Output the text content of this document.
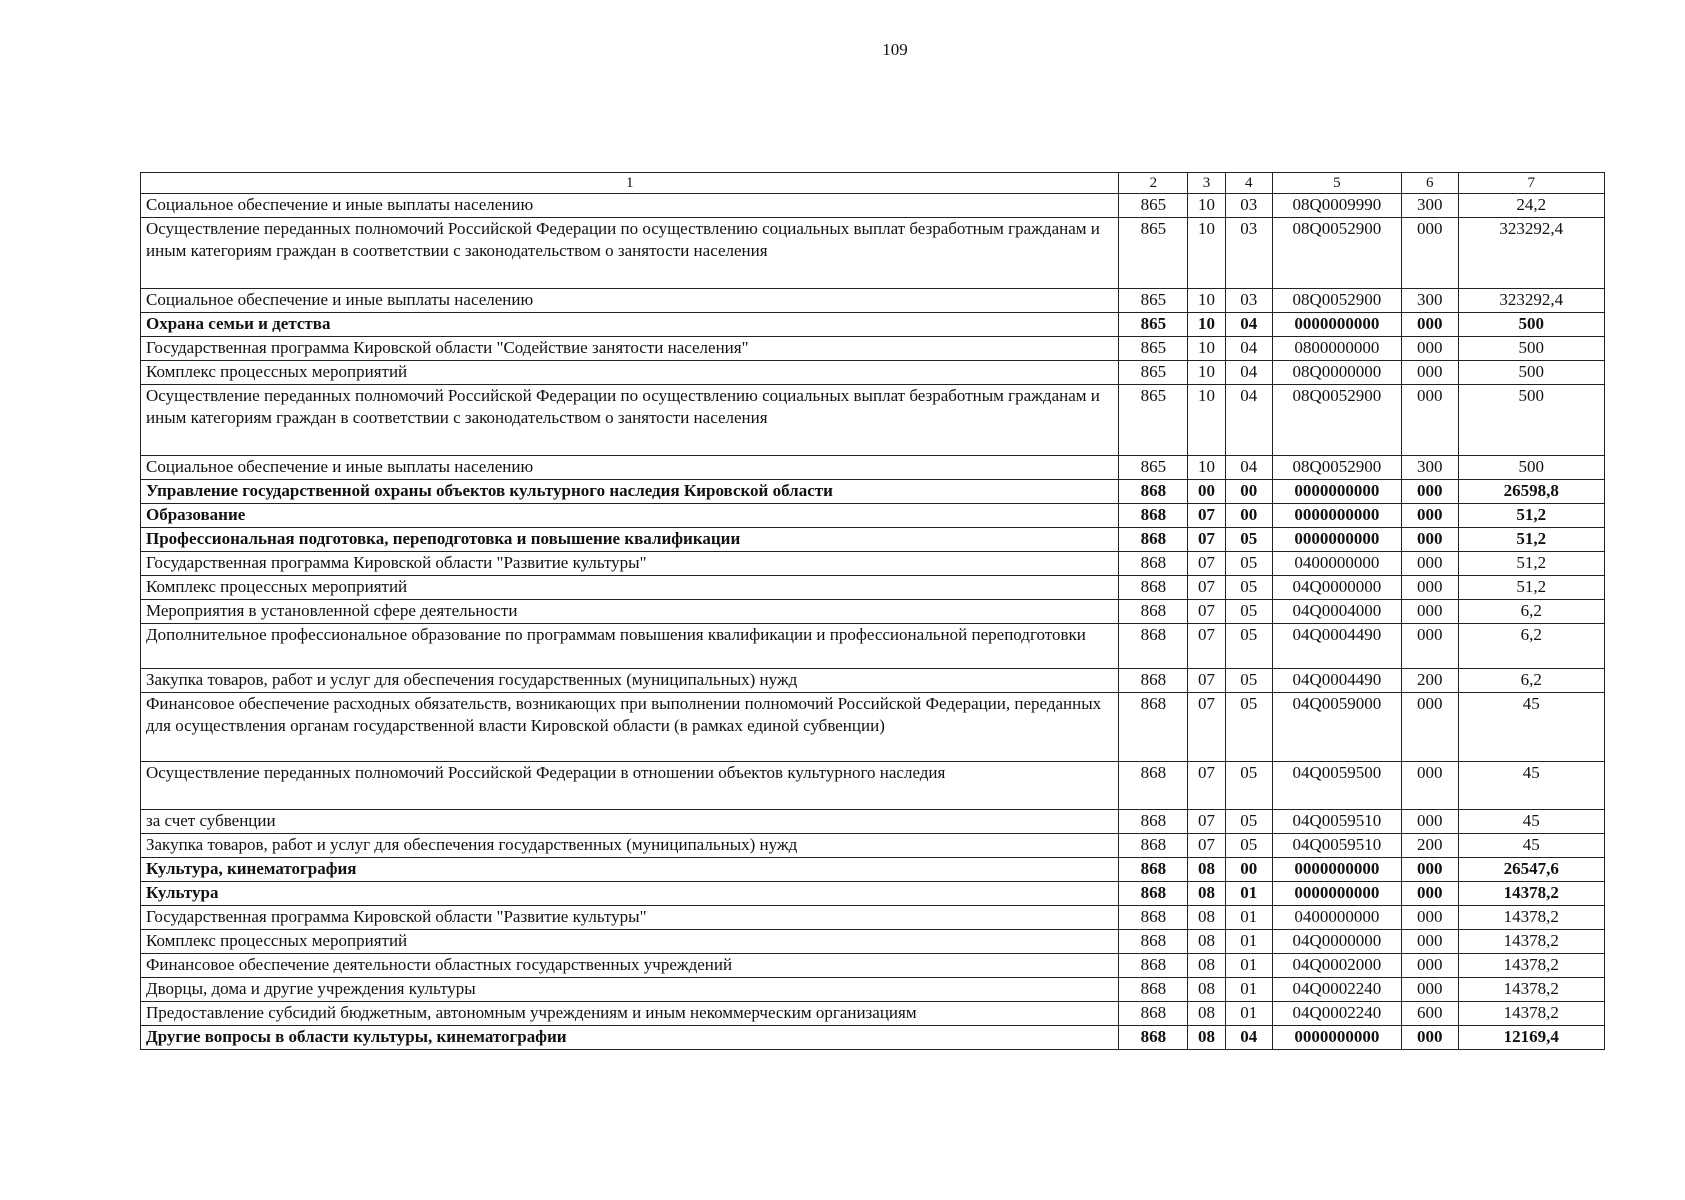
109
1	2	3	4	5	6	7
Социальное обеспечение и иные выплаты населению	865	10	03	08Q0009990	300	24,2
Осуществление переданных полномочий Российской Федерации по осуществлению социальных выплат безработным гражданам и иным категориям граждан в соответствии с законодательством о занятости населения	865	10	03	08Q0052900	000	323292,4
Социальное обеспечение и иные выплаты населению	865	10	03	08Q0052900	300	323292,4
Охрана семьи и детства	865	10	04	0000000000	000	500
Государственная программа Кировской области "Содействие занятости населения"	865	10	04	0800000000	000	500
Комплекс процессных мероприятий	865	10	04	08Q0000000	000	500
Осуществление переданных полномочий Российской Федерации по осуществлению социальных выплат безработным гражданам и иным категориям граждан в соответствии с законодательством о занятости населения	865	10	04	08Q0052900	000	500
Социальное обеспечение и иные выплаты населению	865	10	04	08Q0052900	300	500
Управление государственной охраны объектов культурного наследия Кировской области	868	00	00	0000000000	000	26598,8
Образование	868	07	00	0000000000	000	51,2
Профессиональная подготовка, переподготовка и повышение квалификации	868	07	05	0000000000	000	51,2
Государственная программа Кировской области "Развитие культуры"	868	07	05	0400000000	000	51,2
Комплекс процессных мероприятий	868	07	05	04Q0000000	000	51,2
Мероприятия в установленной сфере деятельности	868	07	05	04Q0004000	000	6,2
Дополнительное профессиональное образование по программам повышения квалификации и профессиональной переподготовки	868	07	05	04Q0004490	000	6,2
Закупка товаров, работ и услуг для обеспечения государственных (муниципальных) нужд	868	07	05	04Q0004490	200	6,2
Финансовое обеспечение расходных обязательств, возникающих при выполнении полномочий Российской Федерации, переданных для осуществления органам государственной власти Кировской области (в рамках единой субвенции)	868	07	05	04Q0059000	000	45
Осуществление переданных полномочий Российской Федерации в отношении объектов культурного наследия	868	07	05	04Q0059500	000	45
за счет субвенции	868	07	05	04Q0059510	000	45
Закупка товаров, работ и услуг для обеспечения государственных (муниципальных) нужд	868	07	05	04Q0059510	200	45
Культура, кинематография	868	08	00	0000000000	000	26547,6
Культура	868	08	01	0000000000	000	14378,2
Государственная программа Кировской области "Развитие культуры"	868	08	01	0400000000	000	14378,2
Комплекс процессных мероприятий	868	08	01	04Q0000000	000	14378,2
Финансовое обеспечение деятельности областных государственных учреждений	868	08	01	04Q0002000	000	14378,2
Дворцы, дома и другие учреждения культуры	868	08	01	04Q0002240	000	14378,2
Предоставление субсидий бюджетным, автономным учреждениям и иным некоммерческим организациям	868	08	01	04Q0002240	600	14378,2
Другие вопросы в области культуры, кинематографии	868	08	04	0000000000	000	12169,4
